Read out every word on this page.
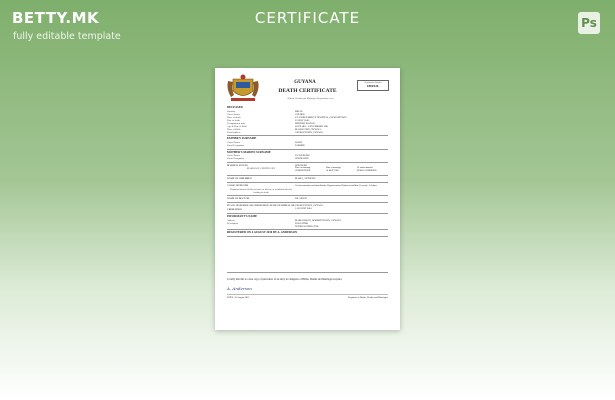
BETTY.MK
fully editable template
CERTIFICATE	Ps
GUYANA
DEATH CERTIFICATE
(Births, Deaths and Marriages Registration Act)
Registration Number
180012L
DECEASED
Surname	BRIAN
Given Names	CULDER
Place of death	ST. JOSEPH MERCY HOSPITAL, GEORGETOWN
Date of death	23 JULY 2010
Occupation at time	RETIRED PASTOR
Age & Date of Birth	68 YEARS - 3 NOVEMBER 1941
Place of Birth	MAHAICONY, GUYANA
Usual address	GEORGETOWN, GUYANA
FATHER'S SURNAME
Given Names	LEWIS
Usual Occupation	FARMER
MOTHER'S MAIDEN SURNAME
Given Names	JACQUELINE
Usual Occupation	HOUSEWIFE
MARITAL STATUS	WIDOWED
MARRIAGE CERTIFICATE	Place of marriage	Date of marriage	To whom married
GEORGETOWN	14 MAY 1966	MARIA ANDERSON
NAME OF CHILDREN	MARIA, ANTHONY
CAUSE OF DEATH	Cerebrovascular accident/Stroke; Hypertension; Diabetes mellitus (5 years); 1-4 days
Duration/interval of illness/cause of disease or condition directly leading to death
NAME OF DOCTOR	DR. SINGH
PLACE OF BURIAL OR CREMATION / DATE OF BURIAL OR CREMATION
GEORGETOWN, GUYANA
1 AUGUST 2010
INFORMANT'S NAME
Address	MARIA BRIAN, ROBERTSTOWN, GUYANA
Description	DAUGHTER
FUNERAL DIRECTOR
REGISTERED ON 4 AUGUST 2010 BY A. ANDERSON
I certify that this is a true copy of particulars of an entry in a Register of Births, Deaths and Marriages Guyana.
A. Anderson
DATE: 10 August 2011	Registrar of Births, Deaths and Marriages
